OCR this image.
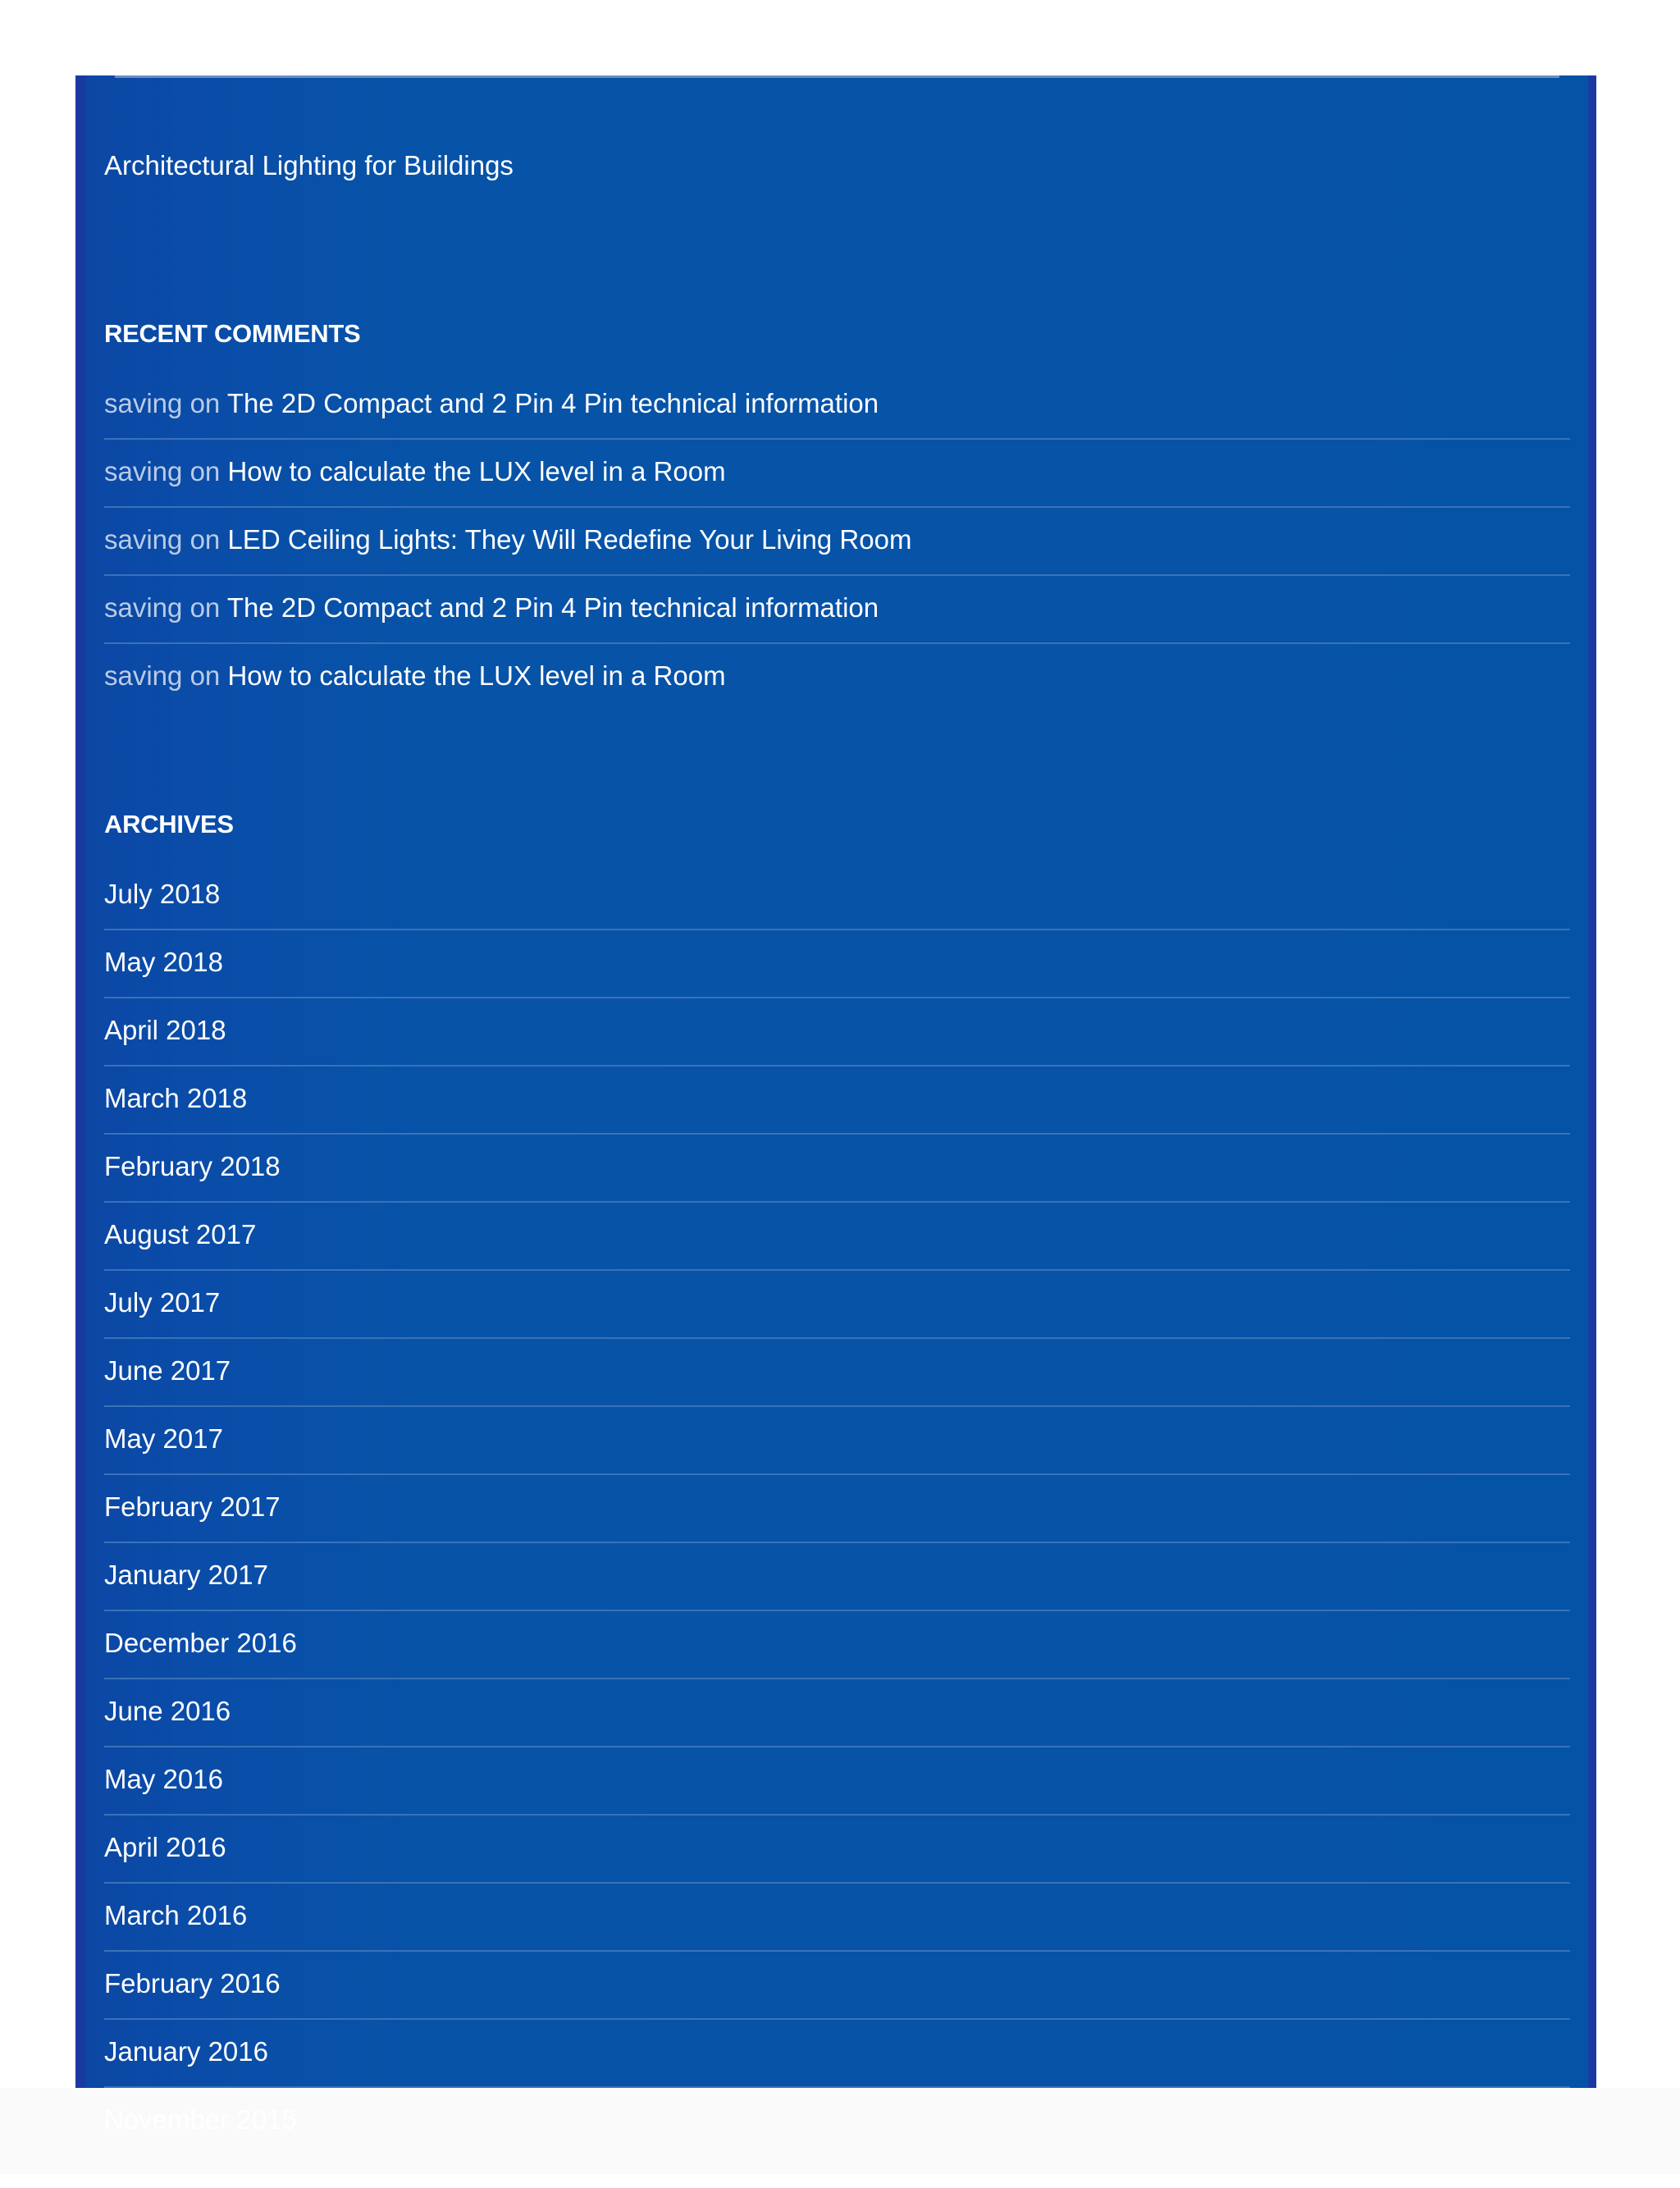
Architectural Lighting for Buildings
RECENT COMMENTS
saving on The 2D Compact and 2 Pin 4 Pin technical information
saving on How to calculate the LUX level in a Room
saving on LED Ceiling Lights: They Will Redefine Your Living Room
saving on The 2D Compact and 2 Pin 4 Pin technical information
saving on How to calculate the LUX level in a Room
ARCHIVES
July 2018
May 2018
April 2018
March 2018
February 2018
August 2017
July 2017
June 2017
May 2017
February 2017
January 2017
December 2016
June 2016
May 2016
April 2016
March 2016
February 2016
January 2016
November 2015
